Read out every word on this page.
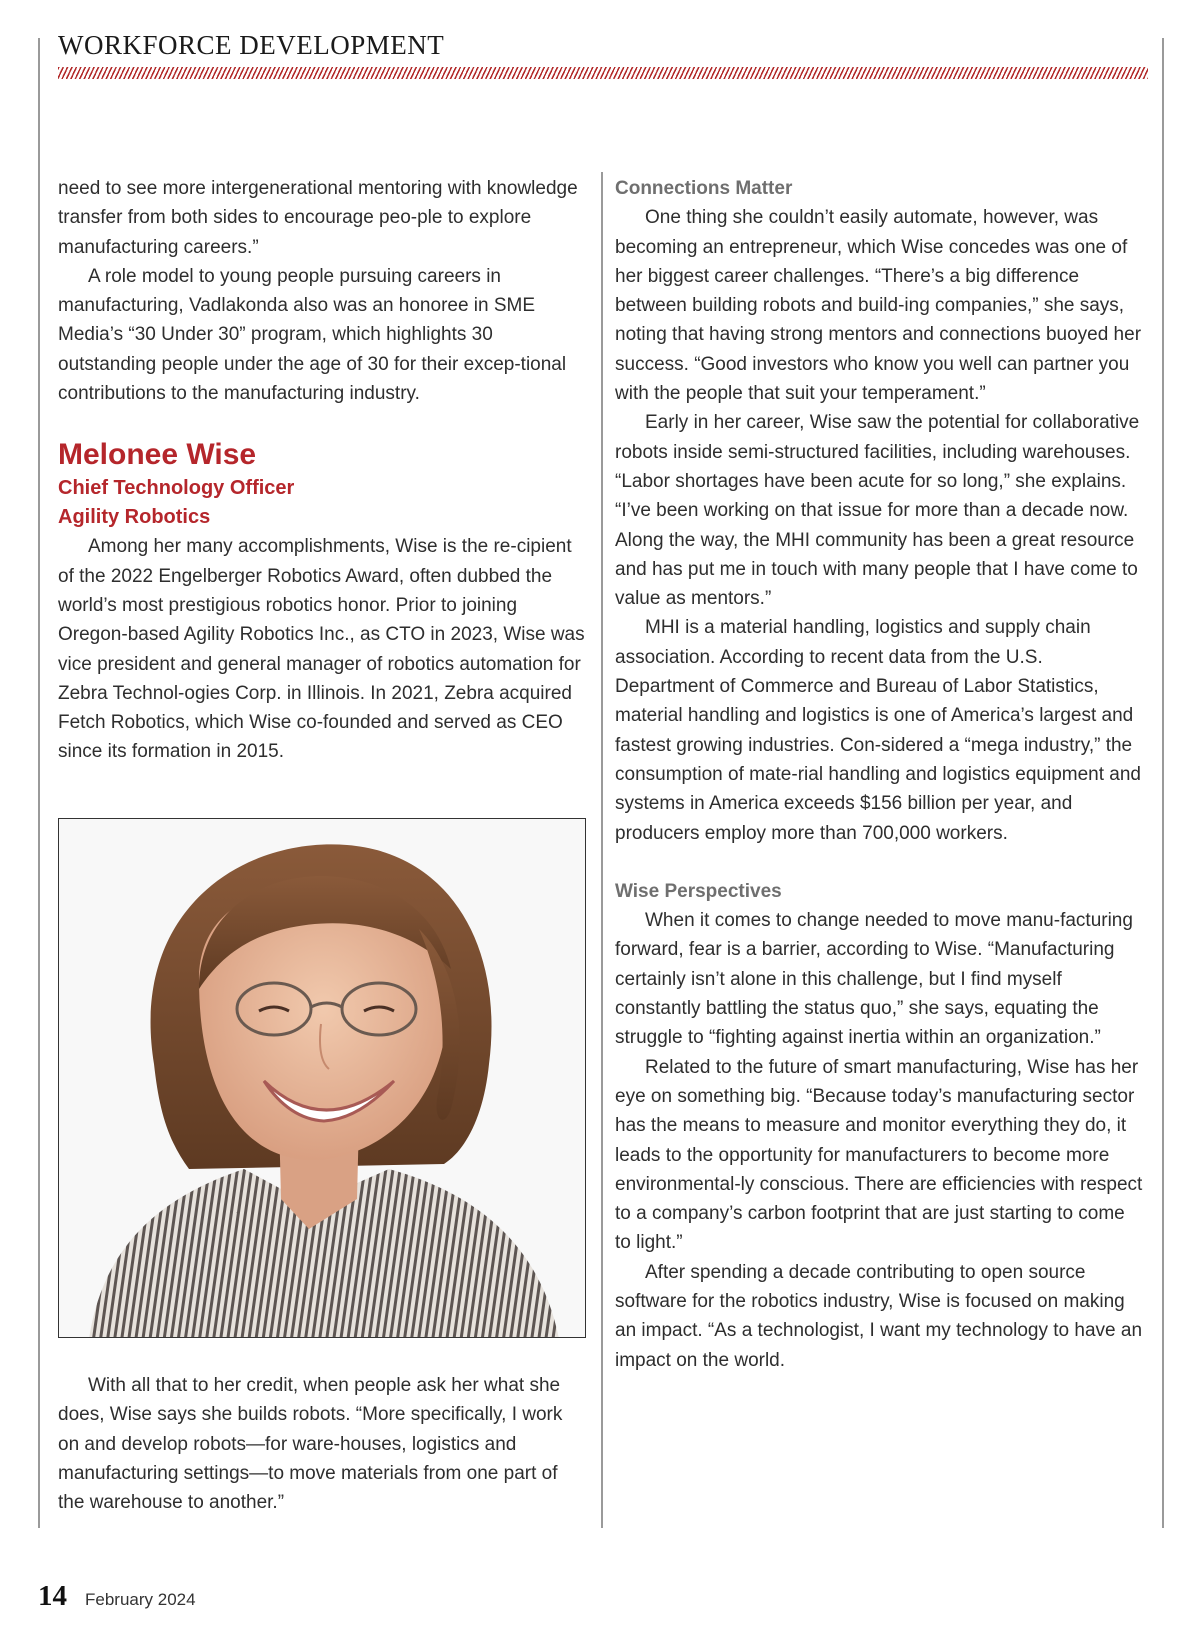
WORKFORCE DEVELOPMENT

need to see more intergenerational mentoring with knowledge transfer from both sides to encourage peo-ple to explore manufacturing careers.”

A role model to young people pursuing careers in manufacturing, Vadlakonda also was an honoree in SME Media’s “30 Under 30” program, which highlights 30 outstanding people under the age of 30 for their excep-tional contributions to the manufacturing industry.

Melonee Wise
Chief Technology Officer
Agility Robotics

Among her many accomplishments, Wise is the re-cipient of the 2022 Engelberger Robotics Award, often dubbed the world’s most prestigious robotics honor. Prior to joining Oregon-based Agility Robotics Inc., as CTO in 2023, Wise was vice president and general manager of robotics automation for Zebra Technol-ogies Corp. in Illinois. In 2021, Zebra acquired Fetch Robotics, which Wise co-founded and served as CEO since its formation in 2015.

With all that to her credit, when people ask her what she does, Wise says she builds robots. “More specifically, I work on and develop robots—for ware-houses, logistics and manufacturing settings—to move materials from one part of the warehouse to another.”

Connections Matter

One thing she couldn’t easily automate, however, was becoming an entrepreneur, which Wise concedes was one of her biggest career challenges. “There’s a big difference between building robots and build-ing companies,” she says, noting that having strong mentors and connections buoyed her success. “Good investors who know you well can partner you with the people that suit your temperament.”

Early in her career, Wise saw the potential for collaborative robots inside semi-structured facilities, including warehouses. “Labor shortages have been acute for so long,” she explains. “I’ve been working on that issue for more than a decade now. Along the way, the MHI community has been a great resource and has put me in touch with many people that I have come to value as mentors.”

MHI is a material handling, logistics and supply chain association. According to recent data from the U.S. Department of Commerce and Bureau of Labor Statistics, material handling and logistics is one of America’s largest and fastest growing industries. Con-sidered a “mega industry,” the consumption of mate-rial handling and logistics equipment and systems in America exceeds $156 billion per year, and producers employ more than 700,000 workers.

Wise Perspectives

When it comes to change needed to move manu-facturing forward, fear is a barrier, according to Wise. “Manufacturing certainly isn’t alone in this challenge, but I find myself constantly battling the status quo,” she says, equating the struggle to “fighting against inertia within an organization.”

Related to the future of smart manufacturing, Wise has her eye on something big. “Because today’s manufacturing sector has the means to measure and monitor everything they do, it leads to the opportunity for manufacturers to become more environmental-ly conscious. There are efficiencies with respect to a company’s carbon footprint that are just starting to come to light.”

After spending a decade contributing to open source software for the robotics industry, Wise is focused on making an impact. “As a technologist, I want my technology to have an impact on the world.

14 February 2024
